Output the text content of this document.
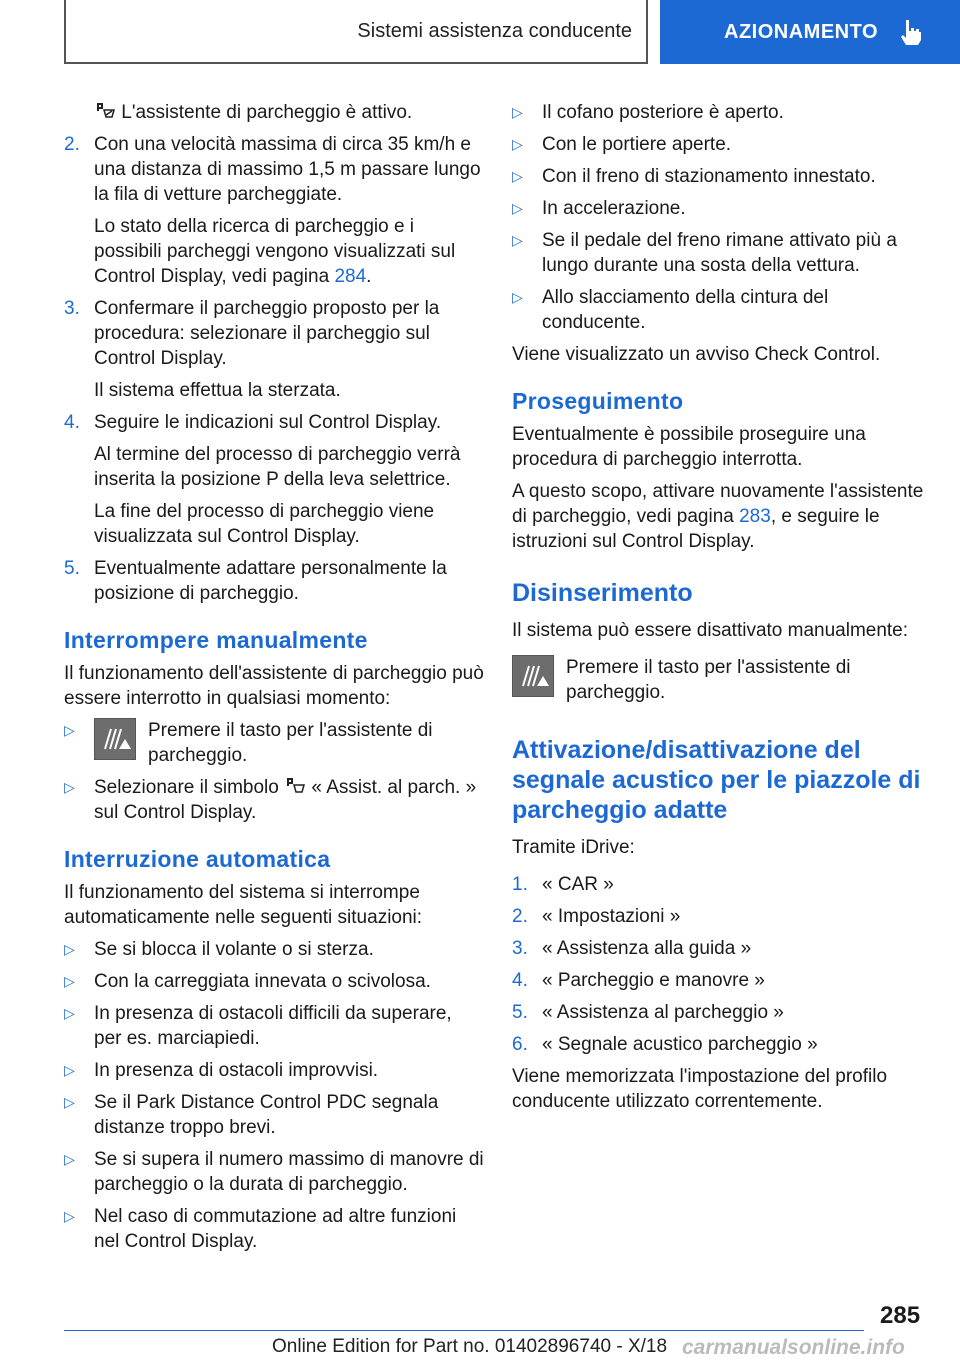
Sistemi assistenza conducente	AZIONAMENTO
L'assistente di parcheggio è attivo.
2. Con una velocità massima di circa 35 km/h e una distanza di massimo 1,5 m passare lungo la fila di vetture parcheggiate.
Lo stato della ricerca di parcheggio e i possibili parcheggi vengono visualizzati sul Control Display, vedi pagina 284.
3. Confermare il parcheggio proposto per la procedura: selezionare il parcheggio sul Control Display.
Il sistema effettua la sterzata.
4. Seguire le indicazioni sul Control Display.
Al termine del processo di parcheggio verrà inserita la posizione P della leva selettrice.
La fine del processo di parcheggio viene visualizzata sul Control Display.
5. Eventualmente adattare personalmente la posizione di parcheggio.
Interrompere manualmente
Il funzionamento dell'assistente di parcheggio può essere interrotto in qualsiasi momento:
▷	Premere il tasto per l'assistente di parcheggio.
▷	Selezionare il simbolo « Assist. al parch. » sul Control Display.
Interruzione automatica
Il funzionamento del sistema si interrompe automaticamente nelle seguenti situazioni:
▷	Se si blocca il volante o si sterza.
▷	Con la carreggiata innevata o scivolosa.
▷	In presenza di ostacoli difficili da superare, per es. marciapiedi.
▷	In presenza di ostacoli improvvisi.
▷	Se il Park Distance Control PDC segnala distanze troppo brevi.
▷	Se si supera il numero massimo di manovre di parcheggio o la durata di parcheggio.
▷	Nel caso di commutazione ad altre funzioni nel Control Display.
▷	Il cofano posteriore è aperto.
▷	Con le portiere aperte.
▷	Con il freno di stazionamento innestato.
▷	In accelerazione.
▷	Se il pedale del freno rimane attivato più a lungo durante una sosta della vettura.
▷	Allo slacciamento della cintura del conducente.
Viene visualizzato un avviso Check Control.
Proseguimento
Eventualmente è possibile proseguire una procedura di parcheggio interrotta.
A questo scopo, attivare nuovamente l'assistente di parcheggio, vedi pagina 283, e seguire le istruzioni sul Control Display.
Disinserimento
Il sistema può essere disattivato manualmente:
Premere il tasto per l'assistente di parcheggio.
Attivazione/disattivazione del segnale acustico per le piazzole di parcheggio adatte
Tramite iDrive:
1. « CAR »
2. « Impostazioni »
3. « Assistenza alla guida »
4. « Parcheggio e manovre »
5. « Assistenza al parcheggio »
6. « Segnale acustico parcheggio »
Viene memorizzata l'impostazione del profilo conducente utilizzato correntemente.
285
Online Edition for Part no. 01402896740 - X/18 carmanualsonline.info
